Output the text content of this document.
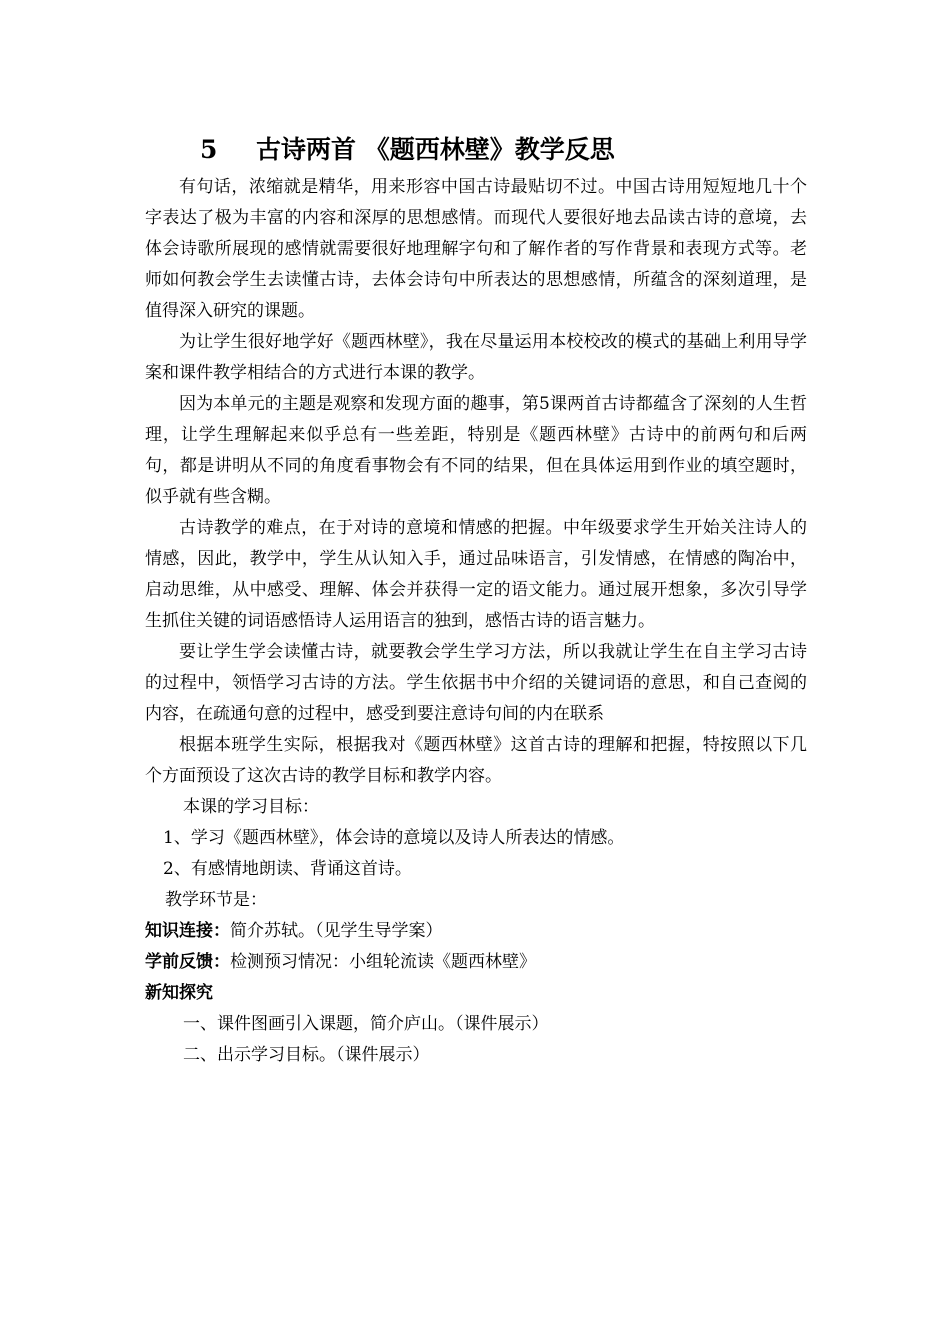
5 古诗两首 《题西林壁》教学反思

有句话，浓缩就是精华，用来形容中国古诗最贴切不过。中国古诗用短短地几十个字表达了极为丰富的内容和深厚的思想感情。而现代人要很好地去品读古诗的意境，去体会诗歌所展现的感情就需要很好地理解字句和了解作者的写作背景和表现方式等。老师如何教会学生去读懂古诗，去体会诗句中所表达的思想感情，所蕴含的深刻道理，是值得深入研究的课题。

为让学生很好地学好《题西林壁》，我在尽量运用本校校改的模式的基础上利用导学案和课件教学相结合的方式进行本课的教学。

因为本单元的主题是观察和发现方面的趣事，第5课两首古诗都蕴含了深刻的人生哲理，让学生理解起来似乎总有一些差距，特别是《题西林壁》古诗中的前两句和后两句，都是讲明从不同的角度看事物会有不同的结果，但在具体运用到作业的填空题时，似乎就有些含糊。

古诗教学的难点，在于对诗的意境和情感的把握。中年级要求学生开始关注诗人的情感，因此，教学中，学生从认知入手，通过品味语言，引发情感，在情感的陶冶中，启动思维，从中感受、理解、体会并获得一定的语文能力。通过展开想象，多次引导学生抓住关键的词语感悟诗人运用语言的独到，感悟古诗的语言魅力。

要让学生学会读懂古诗，就要教会学生学习方法，所以我就让学生在自主学习古诗的过程中，领悟学习古诗的方法。学生依据书中介绍的关键词语的意思，和自己查阅的内容，在疏通句意的过程中，感受到要注意诗句间的内在联系

根据本班学生实际，根据我对《题西林壁》这首古诗的理解和把握，特按照以下几个方面预设了这次古诗的教学目标和教学内容。

本课的学习目标：

1、学习《题西林壁》，体会诗的意境以及诗人所表达的情感。

2、有感情地朗读、背诵这首诗。

教学环节是：

知识连接：简介苏轼。（见学生导学案）

学前反馈：检测预习情况：小组轮流读《题西林壁》

新知探究

一、课件图画引入课题，简介庐山。（课件展示）

二、出示学习目标。（课件展示）
